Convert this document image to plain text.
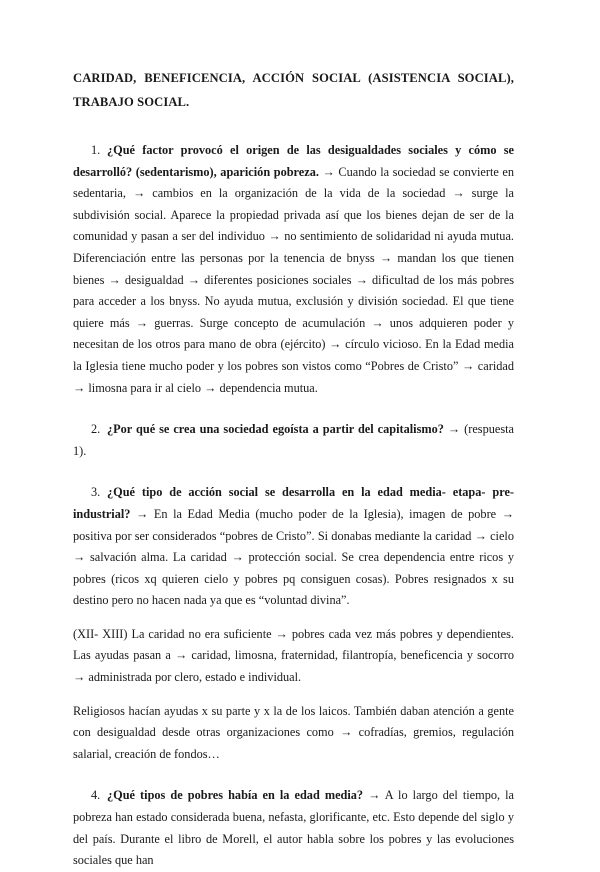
CARIDAD, BENEFICENCIA, ACCIÓN SOCIAL (ASISTENCIA SOCIAL), TRABAJO SOCIAL.

1. ¿Qué factor provocó el origen de las desigualdades sociales y cómo se desarrolló? (sedentarismo), aparición pobreza. → Cuando la sociedad se convierte en sedentaria, → cambios en la organización de la vida de la sociedad → surge la subdivisión social. Aparece la propiedad privada así que los bienes dejan de ser de la comunidad y pasan a ser del individuo → no sentimiento de solidaridad ni ayuda mutua. Diferenciación entre las personas por la tenencia de bnyss → mandan los que tienen bienes → desigualdad → diferentes posiciones sociales → dificultad de los más pobres para acceder a los bnyss. No ayuda mutua, exclusión y división sociedad. El que tiene quiere más → guerras. Surge concepto de acumulación → unos adquieren poder y necesitan de los otros para mano de obra (ejército) → círculo vicioso. En la Edad media la Iglesia tiene mucho poder y los pobres son vistos como “Pobres de Cristo” → caridad → limosna para ir al cielo → dependencia mutua.

2. ¿Por qué se crea una sociedad egoísta a partir del capitalismo? → (respuesta 1).

3. ¿Qué tipo de acción social se desarrolla en la edad media- etapa- pre-industrial? → En la Edad Media (mucho poder de la Iglesia), imagen de pobre → positiva por ser considerados “pobres de Cristo”. Si donabas mediante la caridad → cielo → salvación alma. La caridad → protección social. Se crea dependencia entre ricos y pobres (ricos xq quieren cielo y pobres pq consiguen cosas). Pobres resignados x su destino pero no hacen nada ya que es “voluntad divina”.

(XII- XIII) La caridad no era suficiente → pobres cada vez más pobres y dependientes. Las ayudas pasan a → caridad, limosna, fraternidad, filantropía, beneficencia y socorro → administrada por clero, estado e individual.

Religiosos hacían ayudas x su parte y x la de los laicos. También daban atención a gente con desigualdad desde otras organizaciones como → cofradías, gremios, regulación salarial, creación de fondos…

4. ¿Qué tipos de pobres había en la edad media? → A lo largo del tiempo, la pobreza han estado considerada buena, nefasta, glorificante, etc. Esto depende del siglo y del país. Durante el libro de Morell, el autor habla sobre los pobres y las evoluciones sociales que han
